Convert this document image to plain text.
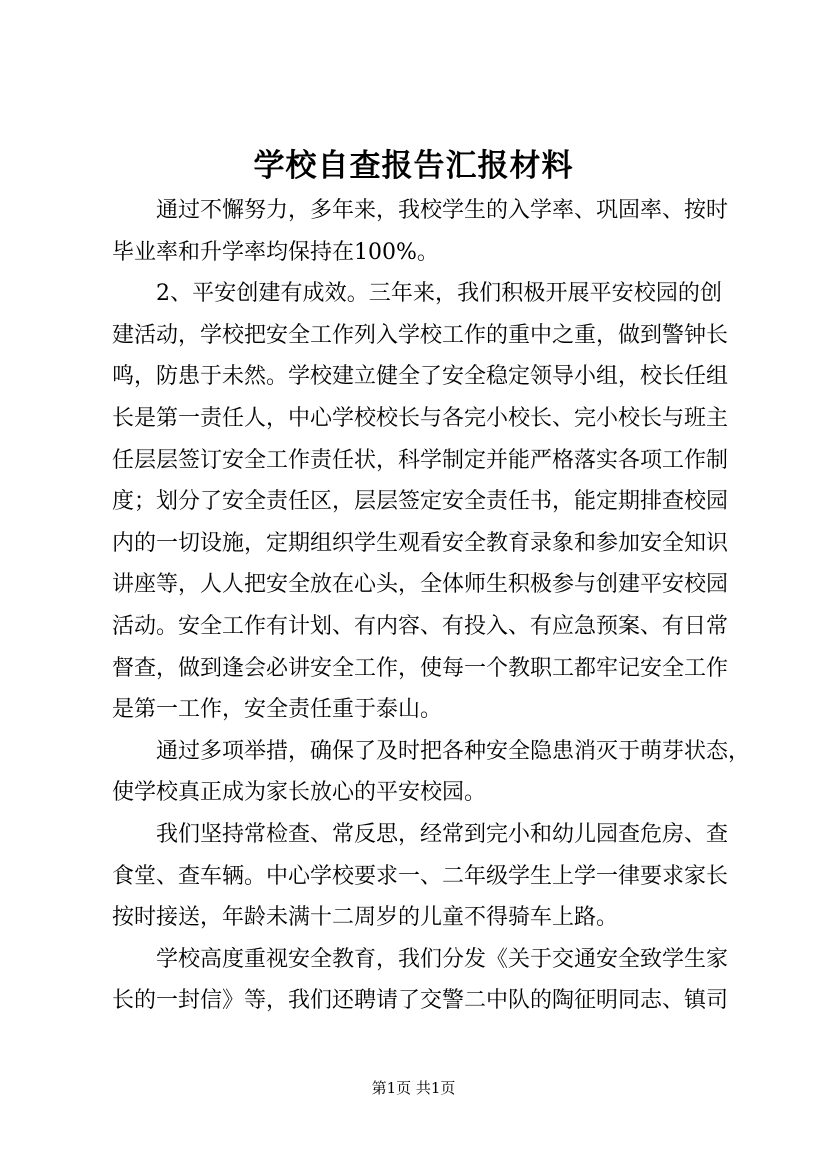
学校自查报告汇报材料
通过不懈努力，多年来，我校学生的入学率、巩固率、按时
毕业率和升学率均保持在100%。
2、平安创建有成效。三年来，我们积极开展平安校园的创
建活动，学校把安全工作列入学校工作的重中之重，做到警钟长
鸣，防患于未然。学校建立健全了安全稳定领导小组，校长任组
长是第一责任人，中心学校校长与各完小校长、完小校长与班主
任层层签订安全工作责任状，科学制定并能严格落实各项工作制
度；划分了安全责任区，层层签定安全责任书，能定期排查校园
内的一切设施，定期组织学生观看安全教育录象和参加安全知识
讲座等，人人把安全放在心头，全体师生积极参与创建平安校园
活动。安全工作有计划、有内容、有投入、有应急预案、有日常
督查，做到逢会必讲安全工作，使每一个教职工都牢记安全工作
是第一工作，安全责任重于泰山。
通过多项举措，确保了及时把各种安全隐患消灭于萌芽状态，
使学校真正成为家长放心的平安校园。
我们坚持常检查、常反思，经常到完小和幼儿园查危房、查
食堂、查车辆。中心学校要求一、二年级学生上学一律要求家长
按时接送，年龄未满十二周岁的儿童不得骑车上路。
学校高度重视安全教育，我们分发《关于交通安全致学生家
长的一封信》等，我们还聘请了交警二中队的陶征明同志、镇司
第1页 共1页
